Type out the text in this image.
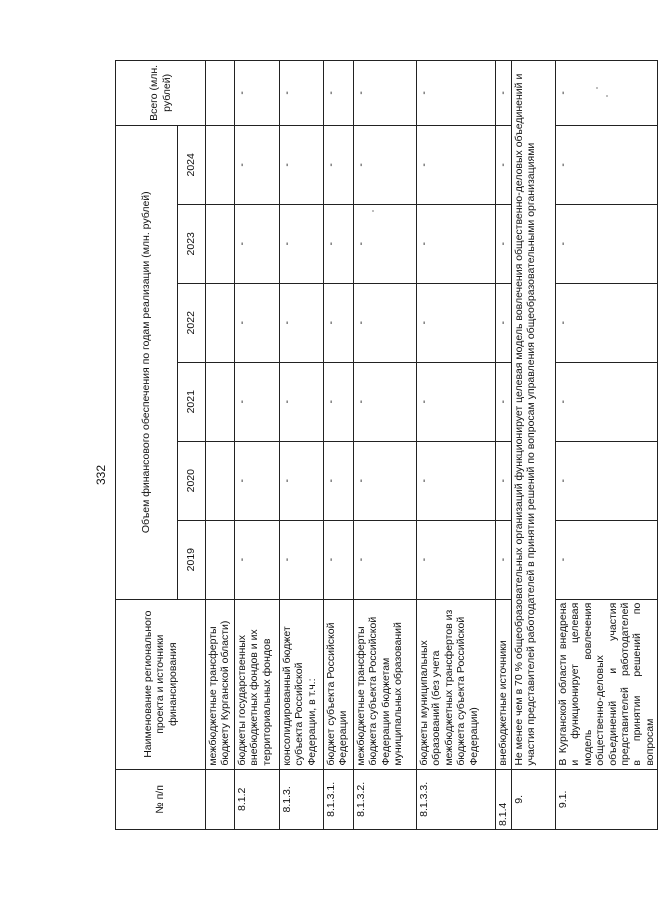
332
№ п/п	Наименование регионального проекта и источники финансирования	Объем финансового обеспечения по годам реализации (млн. рублей)						Всего (млн. рублей)
		2019	2020	2021	2022	2023	2024	
	межбюджетные трансферты бюджету Курганской области)							
8.1.2	бюджеты государственных внебюджетных фондов и их территориальных фондов	-	-	-	-	-	-	-
8.1.3.	консолидированный бюджет субъекта Российской Федерации, в т.ч.:	-	-	-	-	-	-	-
8.1.3.1.	бюджет субъекта Российской Федерации	-	-	-	-	-	-	-
8.1.3.2.	межбюджетные трансферты бюджета субъекта Российской Федерации бюджетам муниципальных образований	-	-	-	-	-	-	-
8.1.3.3.	бюджеты муниципальных образований (без учета межбюджетных трансфертов из бюджета субъекта Российской Федерации)	-	-	-	-	-	-	-
8.1.4	внебюджетные источники	-	-	-	-	-	-	-
9.	Не менее чем в 70 % общеобразовательных организаций функционирует целевая модель вовлечения общественно-деловых объединений и участия представителей работодателей в принятии решений по вопросам управления общеобразовательными организациями							
9.1.	В Курганской области внедрена и функционирует целевая модель вовлечения общественно-деловых объединений и участия представителей работодателей в принятии решений по вопросам	-	-	-	-	-	-	-
